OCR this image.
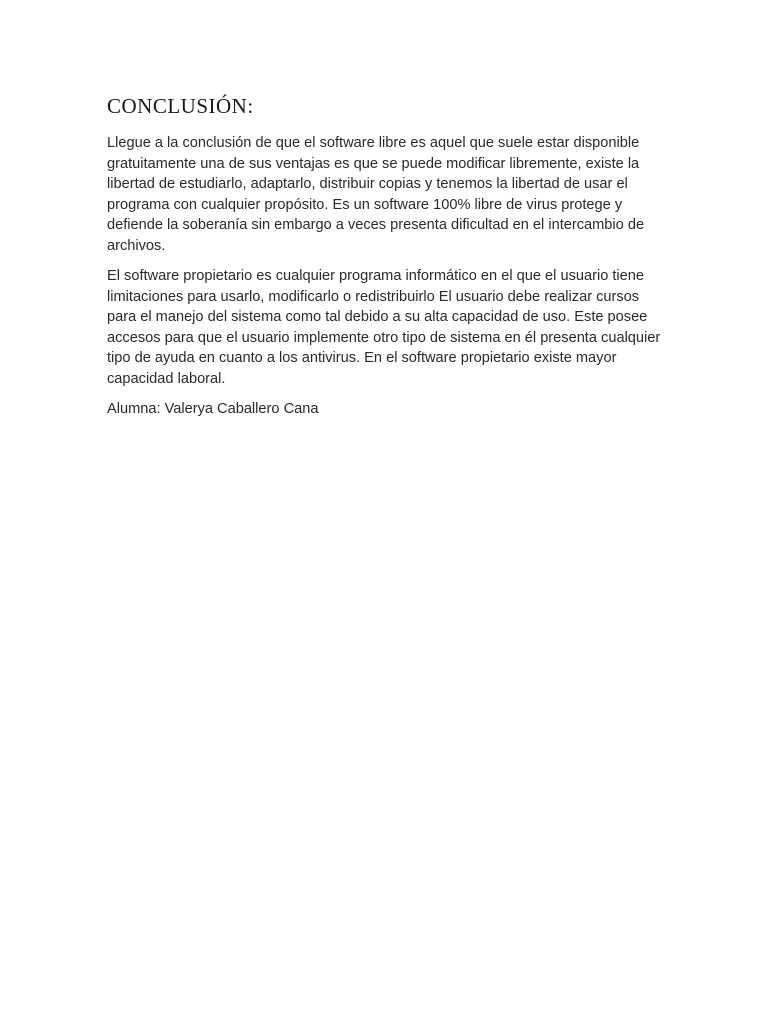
CONCLUSIÓN:

Llegue a la conclusión de que el software libre es aquel que suele estar disponible gratuitamente una de sus ventajas es que se puede modificar libremente, existe la libertad de estudiarlo, adaptarlo, distribuir copias y tenemos la libertad de usar el programa con cualquier propósito. Es un software 100% libre de virus protege y defiende la soberanía sin embargo a veces presenta dificultad en el intercambio de archivos.

El software propietario es cualquier programa informático en el que el usuario tiene limitaciones para usarlo, modificarlo o redistribuirlo El usuario debe realizar cursos para el manejo del sistema como tal debido a su alta capacidad de uso. Este posee accesos para que el usuario implemente otro tipo de sistema en él presenta cualquier tipo de ayuda en cuanto a los antivirus. En el software propietario existe mayor capacidad laboral.

Alumna: Valerya Caballero Cana
